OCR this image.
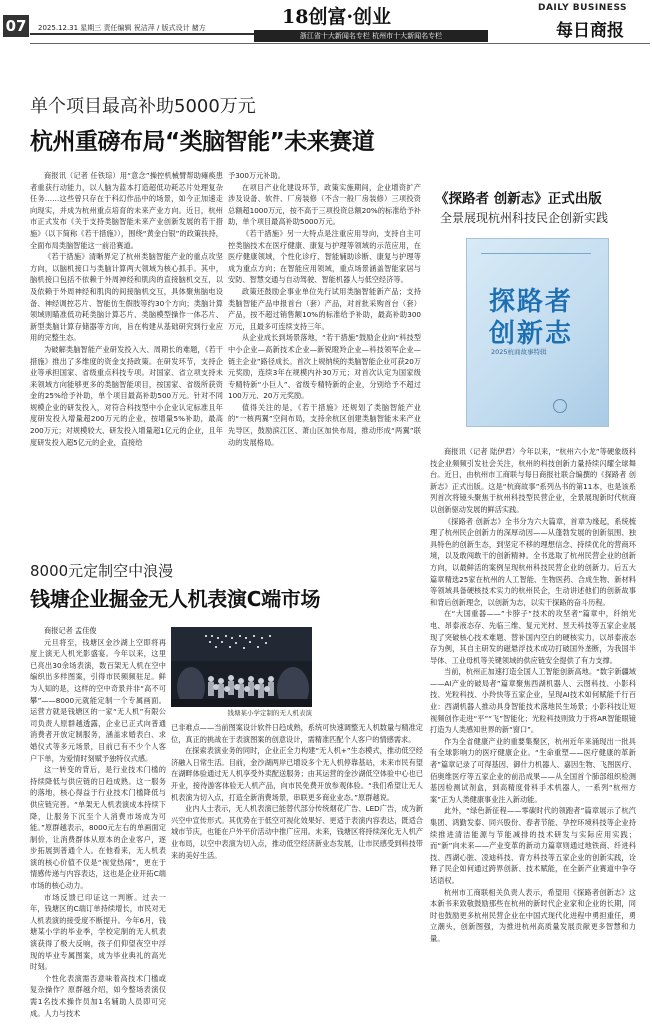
07	2025.12.31 星期三 责任编辑 祝洁萍 / 版式设计 赭方	18创富·创业
浙江省十大新闻名专栏 杭州市十大新闻名专栏
DAILY BUSINESS
每日商报
单个项目最高补助5000万元
杭州重磅布局“类脑智能”未来赛道

商报讯（记者 任铁琮）用“意念”操控机械臂帮助瘫痪患者重获行动能力，以人脑为蓝本打造超低功耗芯片处理复杂任务……这些曾只存在于科幻作品中的场景，如今正加速走向现实，并成为杭州重点培育的未来产业方向。近日，杭州市正式发布《关于支持类脑智能未来产业创新发展的若干措施》（以下简称《若干措施》），围绕“黄金白银”的政策扶持，全面布局类脑智能这一前沿赛道。

《若干措施》清晰界定了杭州类脑智能产业的重点攻坚方向，以脑机接口与类脑计算两大领域为核心抓手。其中，脑机接口包括不依赖于外周神经和肌肉的直接脑机交互，以及依赖于外周神经和肌肉的间接脑机交互，具体聚焦脑电设备、神经调控芯片、智能仿生假肢等约30个方向；类脑计算领域则瞄准低功耗类脑计算芯片、类脑模型操作一体芯片、新型类脑计算存储器等方向，旨在构建从基础研究到行业应用的完整生态。

为破解类脑智能产业研发投入大、周期长的难题，《若干措施》推出了多维度的资金支持政策。在研发环节，支持企业等承担国家、省级重点科技专项。对国家、省立项支持未来领域方向能够更多的类脑智能项目，按国家、省级所获资金的25%给予补助，单个项目最高补助500万元。针对不同规模企业的研发投入，对符合科技型中小企业认定标准且年度研发投入增量超200万元的企业，按增量5%补助，最高200万元；对规模较大、研发投入增量超1亿元的企业，且年度研发投入超5亿元的企业，直接给

予300万元补助。

在项目产业化建设环节，政策实施期间，企业增资扩产涉及设备、软件、厂房装修（不含一般厂房装修）三项投资总额超1000万元，按不高于三项投资总额20%的标准给予补助，单个项目最高补助5000万元。

《若干措施》另一大特点是注重应用导向，支持自主可控类脑技术在医疗健康、康复与护理等领域的示范应用，在医疗健康领域，个性化诊疗、智能辅助诊断、康复与护理等成为重点方向；在智能应用领域，重点场景涵盖智能家居与安防、智慧交通与自动驾驶、智能机器人与低空经济等。

政策还鼓励企事业单位先行试用类脑智能新产品；支持类脑智能产品申报首台（套）产品，对首批采购首台（套）产品，按不超过销售额10%的标准给予补助，最高补助300万元，且最多可连续支持三年。

从企业成长到场景落地，“若干措施”鼓励企业向“科技型中小企业—高新技术企业—新锐瞪羚企业—科技领军企业—链主企业”路径成长。首次上规纳统的类脑智能企业可获20万元奖励，连续3年在规模内补30万元；对首次认定为国家级专精特新“小巨人”、省级专精特新的企业，分别给予不超过100万元、20万元奖励。

值得关注的是，《若干措施》还规划了类脑智能产业的“一核两翼”空间布局，支持余杭区创建类脑智能未来产业先导区，鼓励滨江区、萧山区加快布局，推动形成“两翼”联动的发展格局。

8000元定制空中浪漫
钱塘企业掘金无人机表演C端市场

商报记者 孟佳俊

元旦将至，钱塘区金沙湖上空即将再度上演无人机光影盛宴。今年以来，这里已亮出30余场表演，数百架无人机在空中编织出多样图案，引得市民频频驻足。鲜为人知的是，这样的空中奇景并非“高不可攀”——8000元就能定制一个专属画面。运营方就是钱塘区的一家“无人机”有限公司负责人原群越透露，企业已正式向普通消费者开放定制服务，涵盖求婚表白、求婚仪式等多元场景，目前已有不少个人客户下单，为爱情时刻赋予独特仪式感。

这一转变的背后，是行业技术门槛的持续降低与供应链的日趋成熟。这一服务的落地，核心得益于行业技术门槛降低与供应链完善。“单架无人机表演成本持续下降，让服务下沉至个人消费市场成为可能。”原群越表示，8000元左右的单画面定制价，让消费群体从原本的企业客户，逐步拓展到普通个人。在他看来，无人机表演的核心价值不仅是“视觉热闹”，更在于情感传递与内容表达，这也是企业开拓C端市场的核心动力。

市场反馈已印证这一判断。过去一年，钱塘区的C端订单持续增长，市民对无人机表演的接受度不断提升。今年6月，钱塘某小学的毕业季，学校定制的无人机表演获得了极大反响，孩子们仰望夜空中浮现的毕业专属图案，成为毕业典礼的高光时刻。

个性化表演需否意味着高技术门槛或复杂操作？原群越介绍，如今整场表演仅需1名技术操作员加1名辅助人员即可完成。人力与技术

钱塘某小学定制的无人机表演

已非难点——当前图案设计软件日趋成熟，系统可快速调整无人机数量与精准定位，真正的挑战在于表演图案的创意设计，需精准匹配个人客户的情感需求。

在探索表演业务的同时，企业正全力构建“无人机+”生态模式，推动低空经济融入日常生活。目前，金沙湖两岸已增设多个无人机停靠基站，未来市民有望在湖畔体验通过无人机享受外卖配送服务；由其运营的金沙湖低空体验中心也已开业，接待游客体验无人机产品，向市民免费开放参观体验。“我们希望让无人机表演为切入点，打造全新消费场景，串联更多商业业态。”原群越说。

业内人士表示，无人机表演已能替代部分传统烟花广告、LED广告，成为新兴空中宣传形式。其优势在于低空可视化效果好、更适于表演内容表达，既适合城市节庆，也能在户外平价活动中推广应用。未来，钱塘区将持续深化无人机产业布局，以空中表演为切入点，推动低空经济新业态发展，让市民感受到科技带来的美好生活。

《探路者 创新志》正式出版
全景展现杭州科技民企创新实践
探路者
创新志
2025杭商故事特辑

商报讯（记者 陆伊君）今年以来，“杭州六小龙”等硬象级科技企业频频引发社会关注，杭州的科技创新力量持续闪耀全球舞台。近日，由杭州市工商联与每日商报社联合编撰的《探路者 创新志》正式出版。这是“杭商故事”系列丛书的第11本，也是该系列首次将镜头聚焦于杭州科技型民营企业，全景展现新时代杭商以创新驱动发展的鲜活实践。

《探路者 创新志》全书分为六大篇章，首章为缘起，系统梳理了杭州民企创新力的深厚动因——从蓬勃发展的创新氛围、独具特色的创新生态，到坚定不移的理想信念、持续优化的营商环境，以及敢闯敢干的创新精神。全书选取了杭州民营企业的创新方向，以最鲜活的案例呈现杭州科技民营企业的创新力。后五大篇章精选25家在杭州的人工智能、生物医药、合成生物、新材料等领域具备硬核技术实力的杭州民企，生动讲述他们的创新故事和背后创新理念，以创新为志，以实干探路的奋斗历程。

在“大国重器——”卡脖子“技术的攻坚者”篇章中，纤纳光电、昂泰液态存、先临三维、复元光材、昱天科技等五家企业展现了突破核心技术难题、替补国内空白的硬核实力，以昂泰液态存为例，其自主研发的磁悬浮技术成功打破国外垄断，为我国半导体、工业母机等关键领域的供应链安全提供了有力支撑。

当前，杭州正加速打造全国人工智能创新高地。“数字新疆域——AI产业的破局者”篇章聚焦西湖机器人、云图科技、小影科技、光粒科技、小羚快等五家企业，呈现AI技术如何赋能千行百业：西湖机器人推动具身智能技术落地民生场景；小影科技让短视频创作走进“平”“飞”智能化；光粒科技则致力于将AR智能眼镜打造为人类感知世界的新“窗口”。

作为全省健康产业的重要集聚区，杭州近年来涌现出一批具有全球影响力的医疗健康企业。“生命重塑——医疗健康的革新者”篇章记录了可得基因、御什力机器人、嘉因生物、飞图医疗、佰奥维医疗等五家企业的前沿成果——从全国首个肺部组织检测基因检测试剂盒，到高精度骨科手术机器人，一系列“杭州方案”正为人类健康事业注入新动能。

此外，“绿色新征程——零碳时代的领跑者”篇章展示了杭汽集团、鸿勤发泰、同兴股份、春者节能、孕控环境科技等企业持续推进清洁能源与节能减排的技术研发与实际应用实践；而“新”向未来——产业变革的新动力篇章则通过地铁商、纤进科技、西湖心脏、凌迪科技、青方科技等五家企业的创新实践，诠释了民企如何通过跨界创新、技术赋能，在全新产业赛道中争夺话语权。

杭州市工商联相关负责人表示，希望用《探路者创新志》这本新书来致敬鼓励那些在杭州的新时代企业家和企业的长期，同时也鼓励更多杭州民营企业在中国式现代化进程中勇担重任，勇立潮头，创新图强，为推进杭州高质量发展贡献更多智慧和力量。
